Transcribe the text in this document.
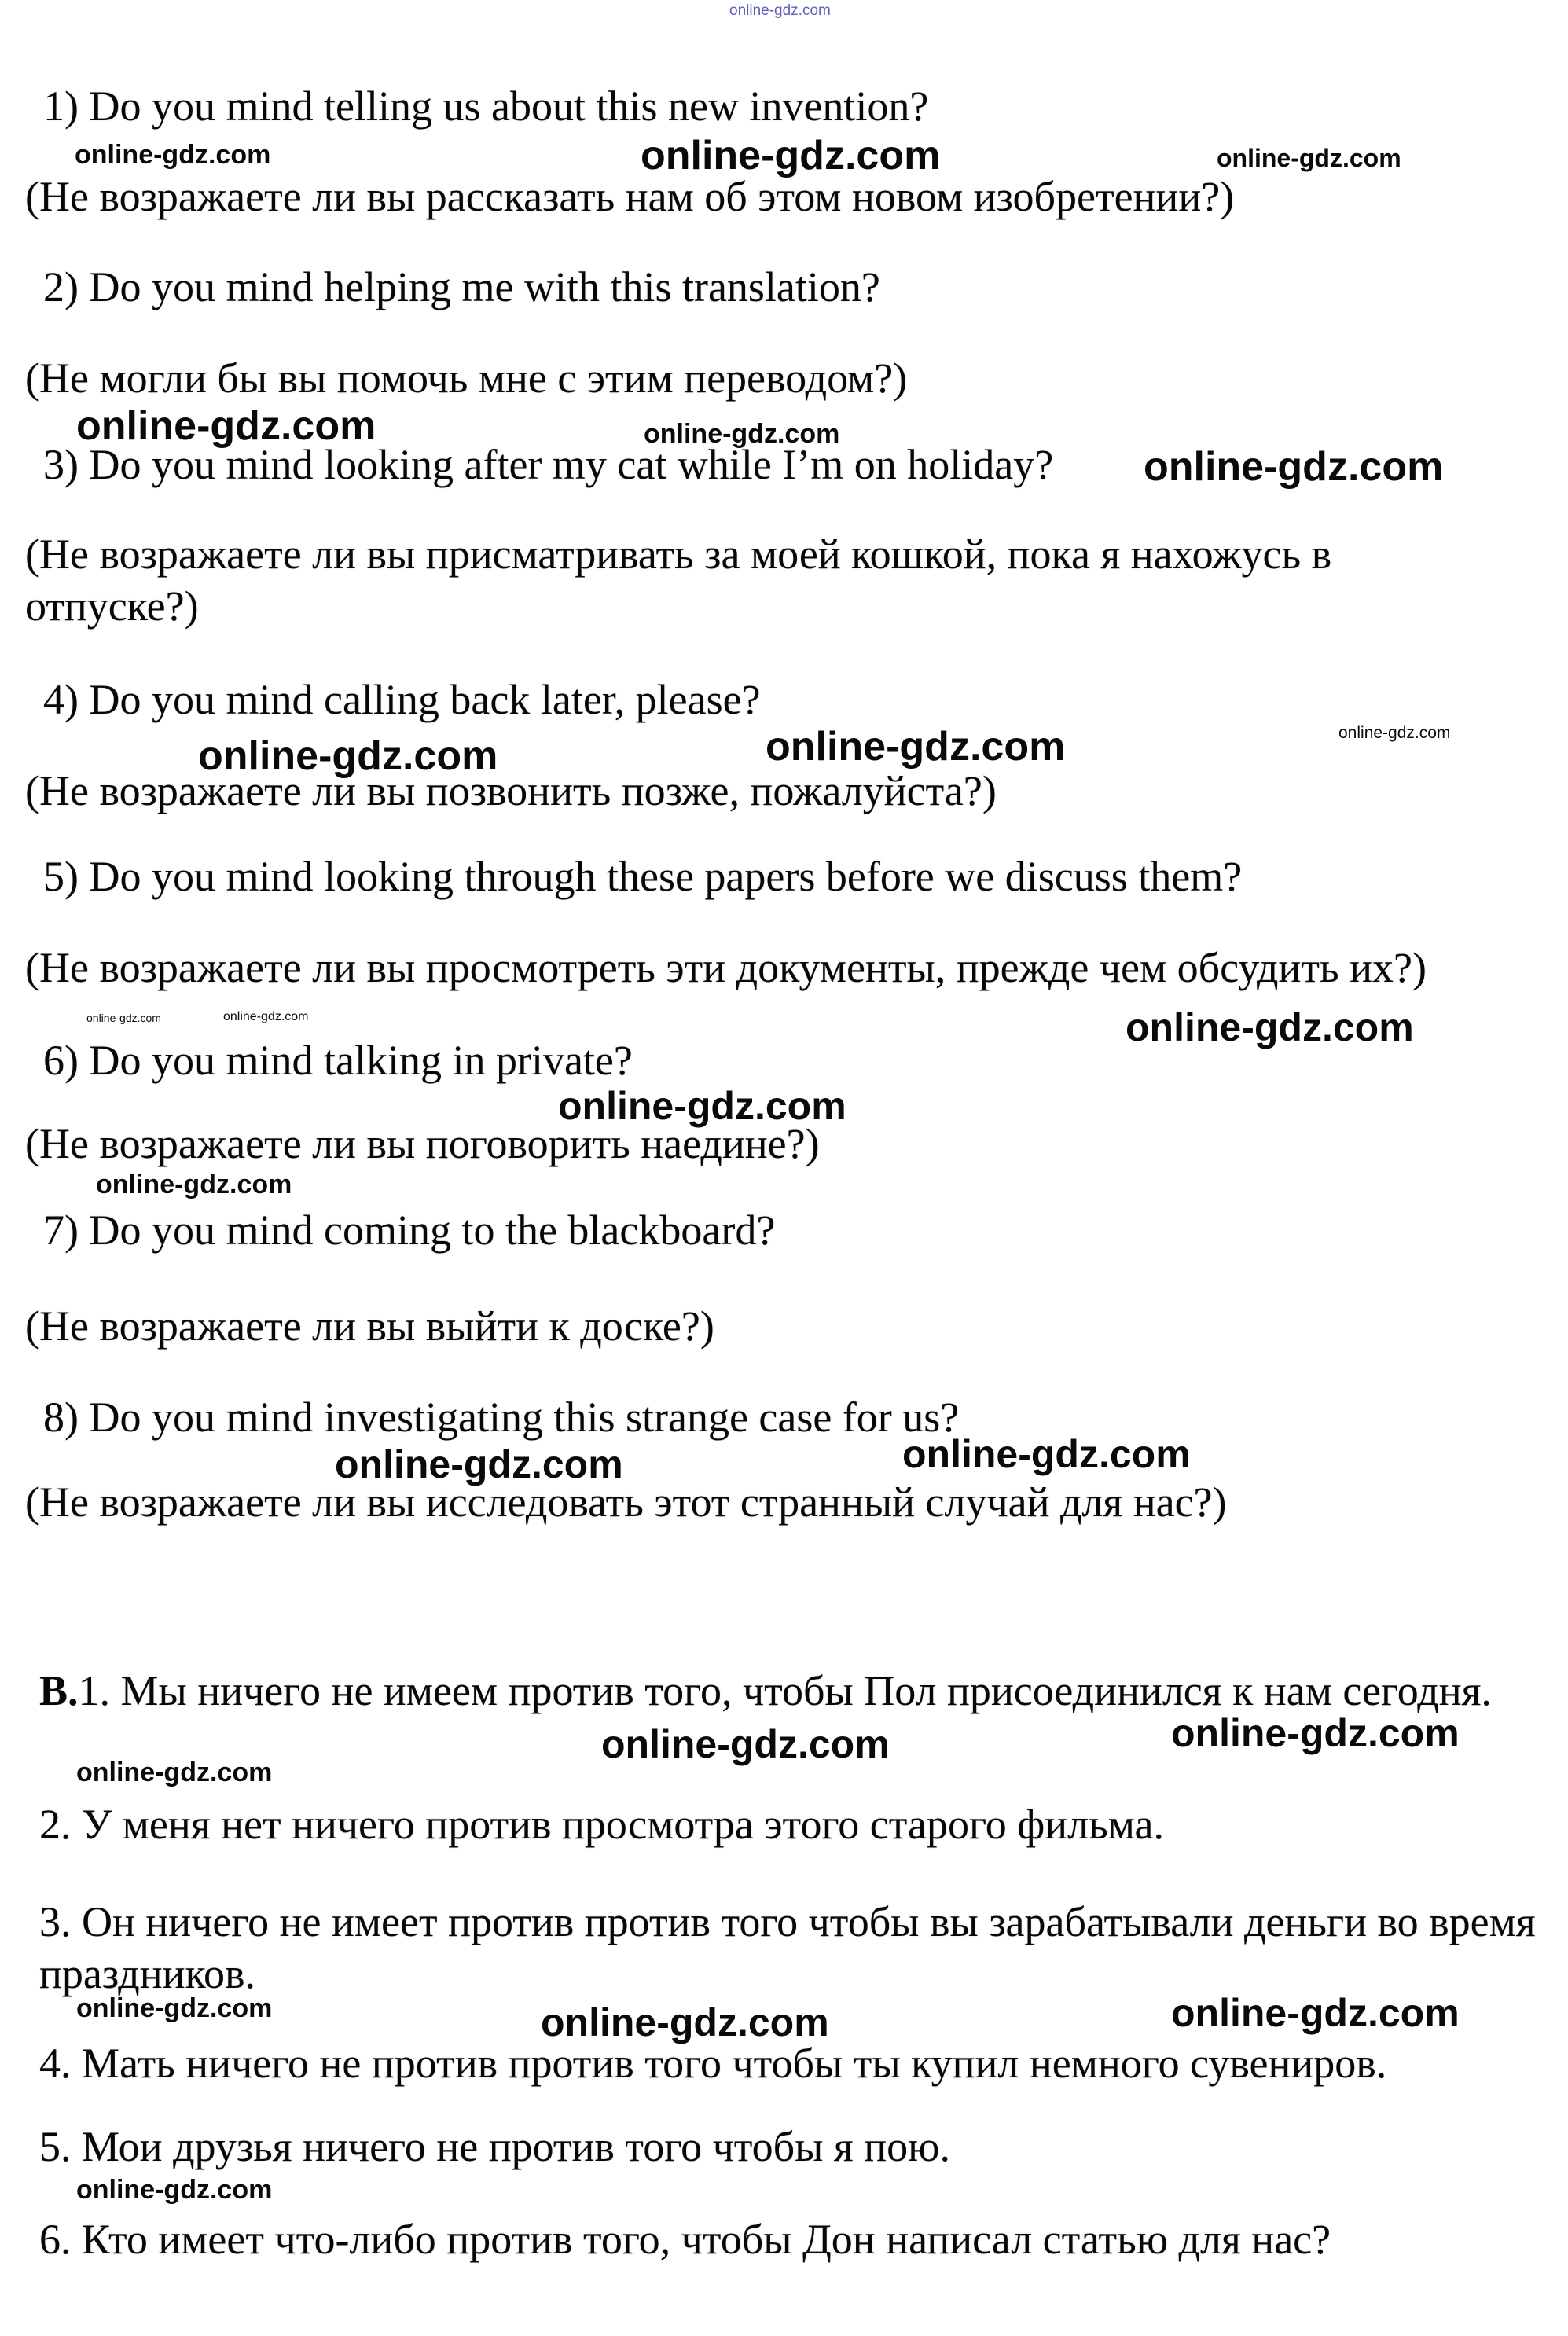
online-gdz.com
1) Do you mind telling us about this new invention?
online-gdz.com	online-gdz.com	online-gdz.com
(Не возражаете ли вы рассказать нам об этом новом изобретении?)
2) Do you mind helping me with this translation?
(Не могли бы вы помочь мне с этим переводом?)
online-gdz.com	online-gdz.com
3) Do you mind looking after my cat while I’m on holiday? online-gdz.com
(Не возражаете ли вы присматривать за моей кошкой, пока я нахожусь в отпуске?)
4) Do you mind calling back later, please?
online-gdz.com	online-gdz.com	online-gdz.com
(Не возражаете ли вы позвонить позже, пожалуйста?)
5) Do you mind looking through these papers before we discuss them?
(Не возражаете ли вы просмотреть эти документы, прежде чем обсудить их?)
online-gdz.com	online-gdz.com	online-gdz.com
6) Do you mind talking in private?
online-gdz.com
(Не возражаете ли вы поговорить наедине?)
online-gdz.com
7) Do you mind coming to the blackboard?
(Не возражаете ли вы выйти к доске?)
8) Do you mind investigating this strange case for us?
online-gdz.com	online-gdz.com
(Не возражаете ли вы исследовать этот странный случай для нас?)
В.1. Мы ничего не имеем против того, чтобы Пол присоединился к нам сегодня.
online-gdz.com	online-gdz.com
online-gdz.com
2. У меня нет ничего против просмотра этого старого фильма.
3. Он ничего не имеет против против того чтобы вы зарабатывали деньги во время праздников.
online-gdz.com	online-gdz.com	online-gdz.com
4. Мать ничего не против против того чтобы ты купил немного сувениров.
5. Мои друзья ничего не против того чтобы я пою.
online-gdz.com
6. Кто имеет что-либо против того, чтобы Дон написал статью для нас?
